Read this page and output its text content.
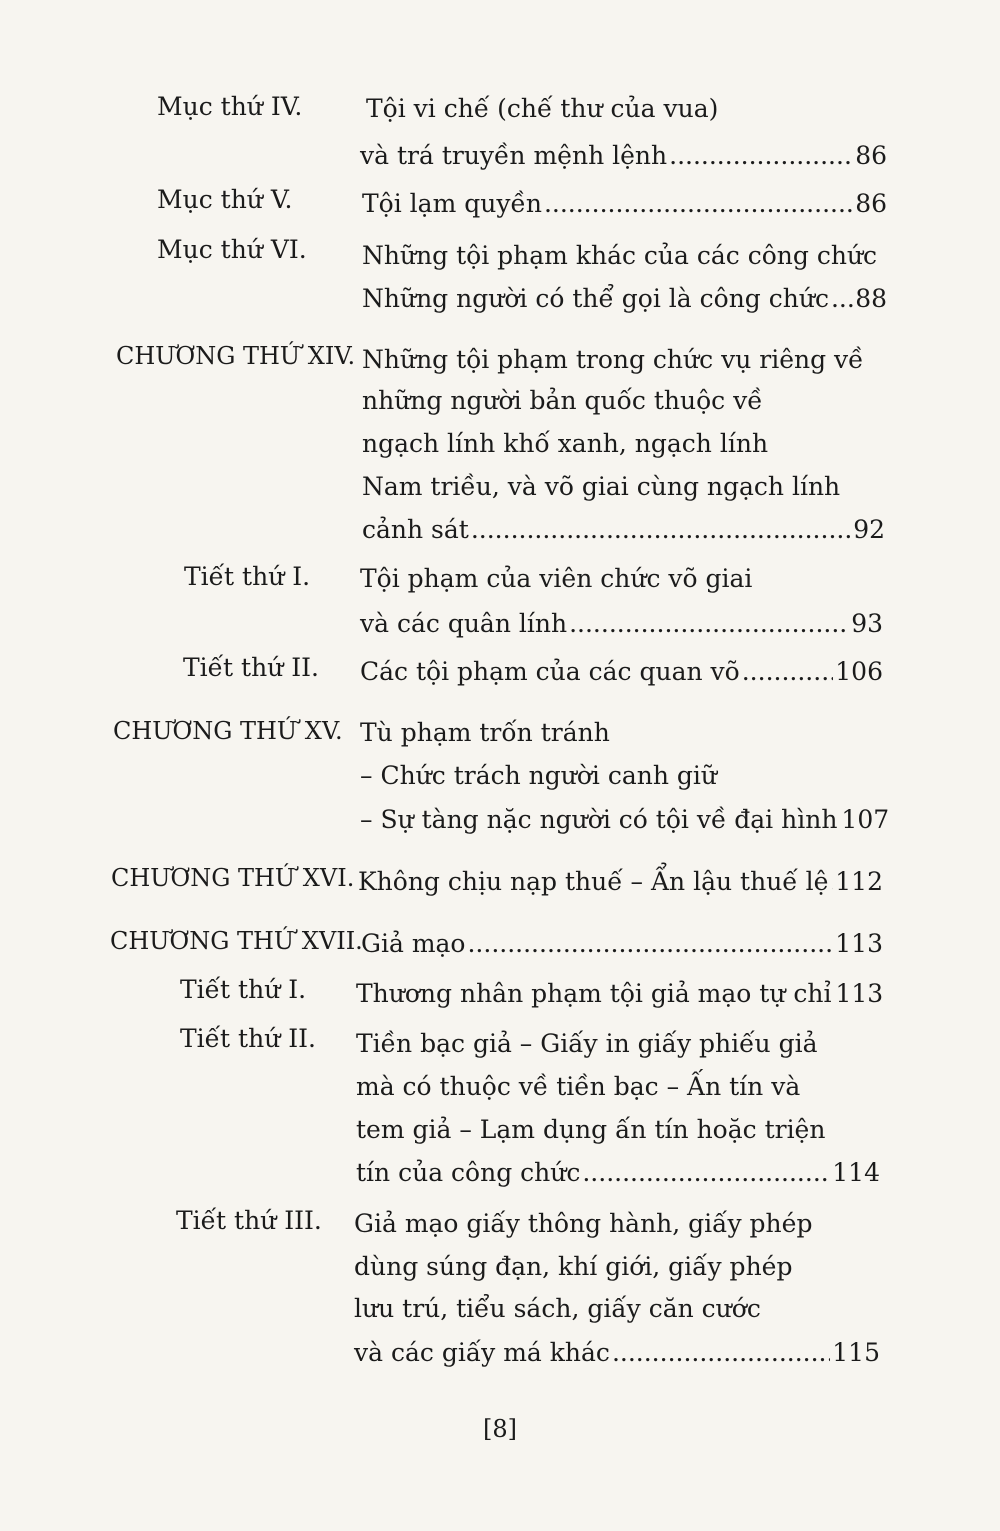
Mục thứ IV.	Tội vi chế (chế thư của vua)
và trá truyền mệnh lệnh .....	86
Mục thứ V.	Tội lạm quyền .....	86
Mục thứ VI. Những tội phạm khác của các công chức
Những người có thể gọi là công chức ..... 88
CHƯƠNG THỨ XIV. Những tội phạm trong chức vụ riêng về
những người bản quốc thuộc về
ngạch lính khố xanh, ngạch lính
Nam triều, và võ giai cùng ngạch lính
cảnh sát .....	92
Tiết thứ I. Tội phạm của viên chức võ giai
và các quân lính .....	93
Tiết thứ II. Các tội phạm của các quan võ .....	106
CHƯƠNG THỨ XV. Tù phạm trốn tránh
– Chức trách người canh giữ
– Sự tàng nặc người có tội về đại hình 107
CHƯƠNG THỨ XVI. Không chịu nạp thuế – Ẩn lậu thuế lệ ..... 112
CHƯƠNG THỨ XVII.
Giả mạo .....	113
Tiết thứ I. Thương nhân phạm tội giả mạo tự chỉ 113
Tiết thứ II. Tiền bạc giả – Giấy in giấy phiếu giả
mà có thuộc về tiền bạc – Ấn tín và
tem giả – Lạm dụng ấn tín hoặc triện
tín của công chức .....	114
Tiết thứ III. Giả mạo giấy thông hành, giấy phép
dùng súng đạn, khí giới, giấy phép
lưu trú, tiểu sách, giấy căn cước
và các giấy má khác .....	115
[8]
